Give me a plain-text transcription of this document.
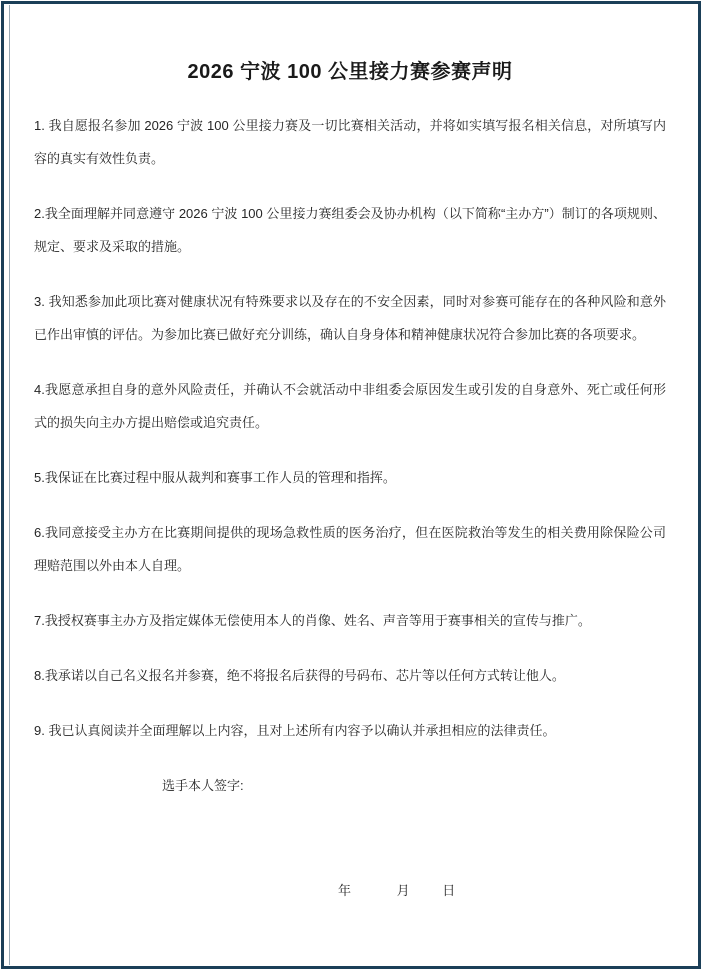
2026 宁波 100 公里接力赛参赛声明

1. 我自愿报名参加 2026 宁波 100 公里接力赛及一切比赛相关活动，并将如实填写报名相关信息，对所填写内容的真实有效性负责。

2.我全面理解并同意遵守 2026 宁波 100 公里接力赛组委会及协办机构（以下简称“主办方”）制订的各项规则、规定、要求及采取的措施。

3. 我知悉参加此项比赛对健康状况有特殊要求以及存在的不安全因素，同时对参赛可能存在的各种风险和意外已作出审慎的评估。为参加比赛已做好充分训练，确认自身身体和精神健康状况符合参加比赛的各项要求。

4.我愿意承担自身的意外风险责任，并确认不会就活动中非组委会原因发生或引发的自身意外、死亡或任何形式的损失向主办方提出赔偿或追究责任。

5.我保证在比赛过程中服从裁判和赛事工作人员的管理和指挥。

6.我同意接受主办方在比赛期间提供的现场急救性质的医务治疗，但在医院救治等发生的相关费用除保险公司理赔范围以外由本人自理。

7.我授权赛事主办方及指定媒体无偿使用本人的肖像、姓名、声音等用于赛事相关的宣传与推广。

8.我承诺以自己名义报名并参赛，绝不将报名后获得的号码布、芯片等以任何方式转让他人。

9. 我已认真阅读并全面理解以上内容，且对上述所有内容予以确认并承担相应的法律责任。

选手本人签字:

年	月	日
